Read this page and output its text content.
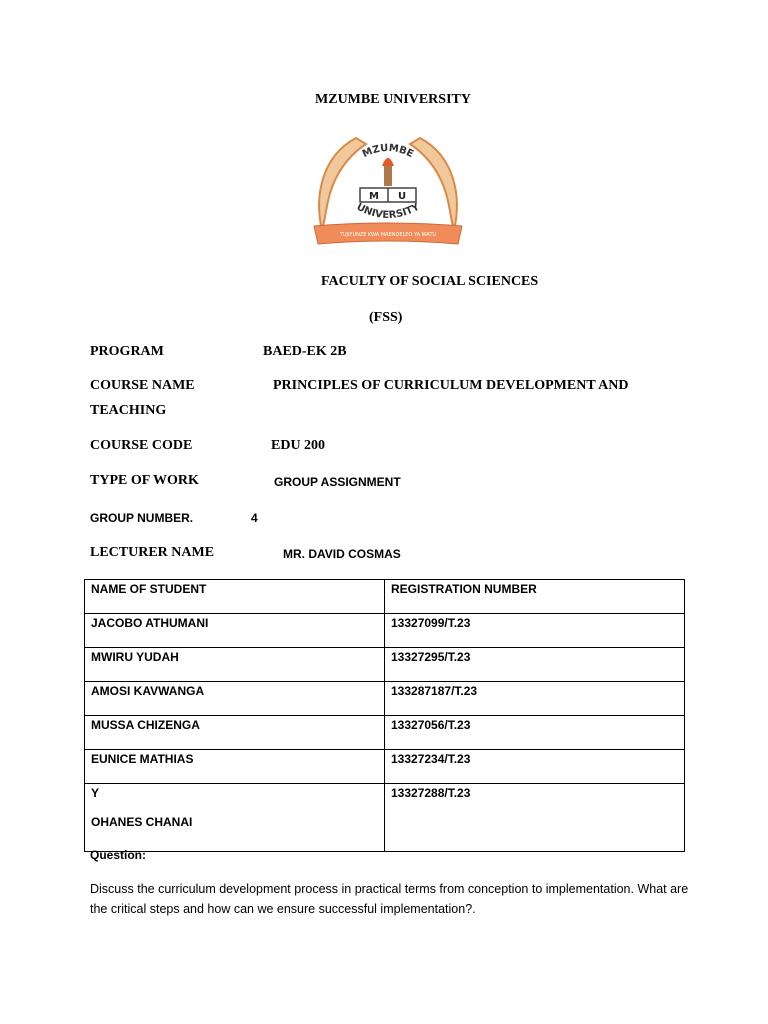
MZUMBE UNIVERSITY
MZUMBE
M U
UNIVERSITY
TUJIFUNZE KWA MAENDELEO YA WATU
FACULTY OF SOCIAL SCIENCES
(FSS)
PROGRAM	BAED-EK 2B
COURSE NAME	PRINCIPLES OF CURRICULUM DEVELOPMENT AND
TEACHING
COURSE CODE	EDU 200
TYPE OF WORK	GROUP ASSIGNMENT
GROUP NUMBER.	4
LECTURER NAME	MR. DAVID COSMAS
NAME OF STUDENT	REGISTRATION NUMBER
JACOBO ATHUMANI	13327099/T.23
MWIRU YUDAH	13327295/T.23
AMOSI KAVWANGA	133287187/T.23
MUSSA CHIZENGA	13327056/T.23
EUNICE MATHIAS	13327234/T.23

Y
OHANES CHANAI	13327288/T.23
Question:
Discuss the curriculum development process in practical terms from conception to implementation. What are the critical steps and how can we ensure successful implementation?.
